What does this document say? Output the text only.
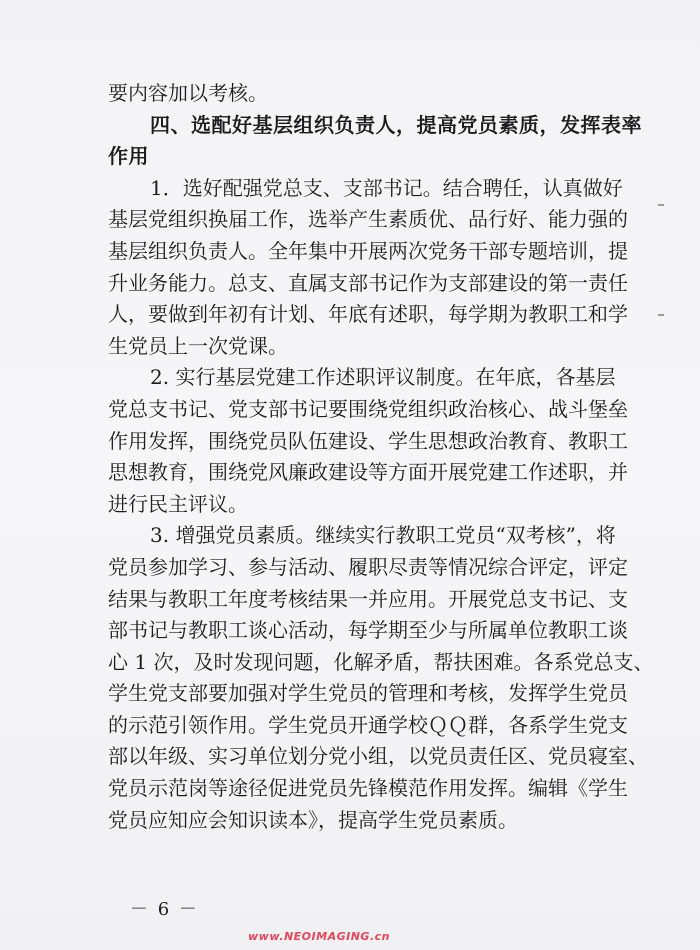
要内容加以考核。
四、选配好基层组织负责人，提高党员素质，发挥表率
作用
1．选好配强党总支、支部书记。结合聘任，认真做好
基层党组织换届工作，选举产生素质优、品行好、能力强的
基层组织负责人。全年集中开展两次党务干部专题培训，提
升业务能力。总支、直属支部书记作为支部建设的第一责任
人，要做到年初有计划、年底有述职，每学期为教职工和学
生党员上一次党课。
2. 实行基层党建工作述职评议制度。在年底，各基层
党总支书记、党支部书记要围绕党组织政治核心、战斗堡垒
作用发挥，围绕党员队伍建设、学生思想政治教育、教职工
思想教育，围绕党风廉政建设等方面开展党建工作述职，并
进行民主评议。
3. 增强党员素质。继续实行教职工党员“双考核”，将
党员参加学习、参与活动、履职尽责等情况综合评定，评定
结果与教职工年度考核结果一并应用。开展党总支书记、支
部书记与教职工谈心活动，每学期至少与所属单位教职工谈
心 1 次，及时发现问题，化解矛盾，帮扶困难。各系党总支、
学生党支部要加强对学生党员的管理和考核，发挥学生党员
的示范引领作用。学生党员开通学校ＱＱ群，各系学生党支
部以年级、实习单位划分党小组，以党员责任区、党员寝室、
党员示范岗等途径促进党员先锋模范作用发挥。编辑《学生
党员应知应会知识读本》，提高学生党员素质。
－ 6 －
www.NEOIMAGING.cn
